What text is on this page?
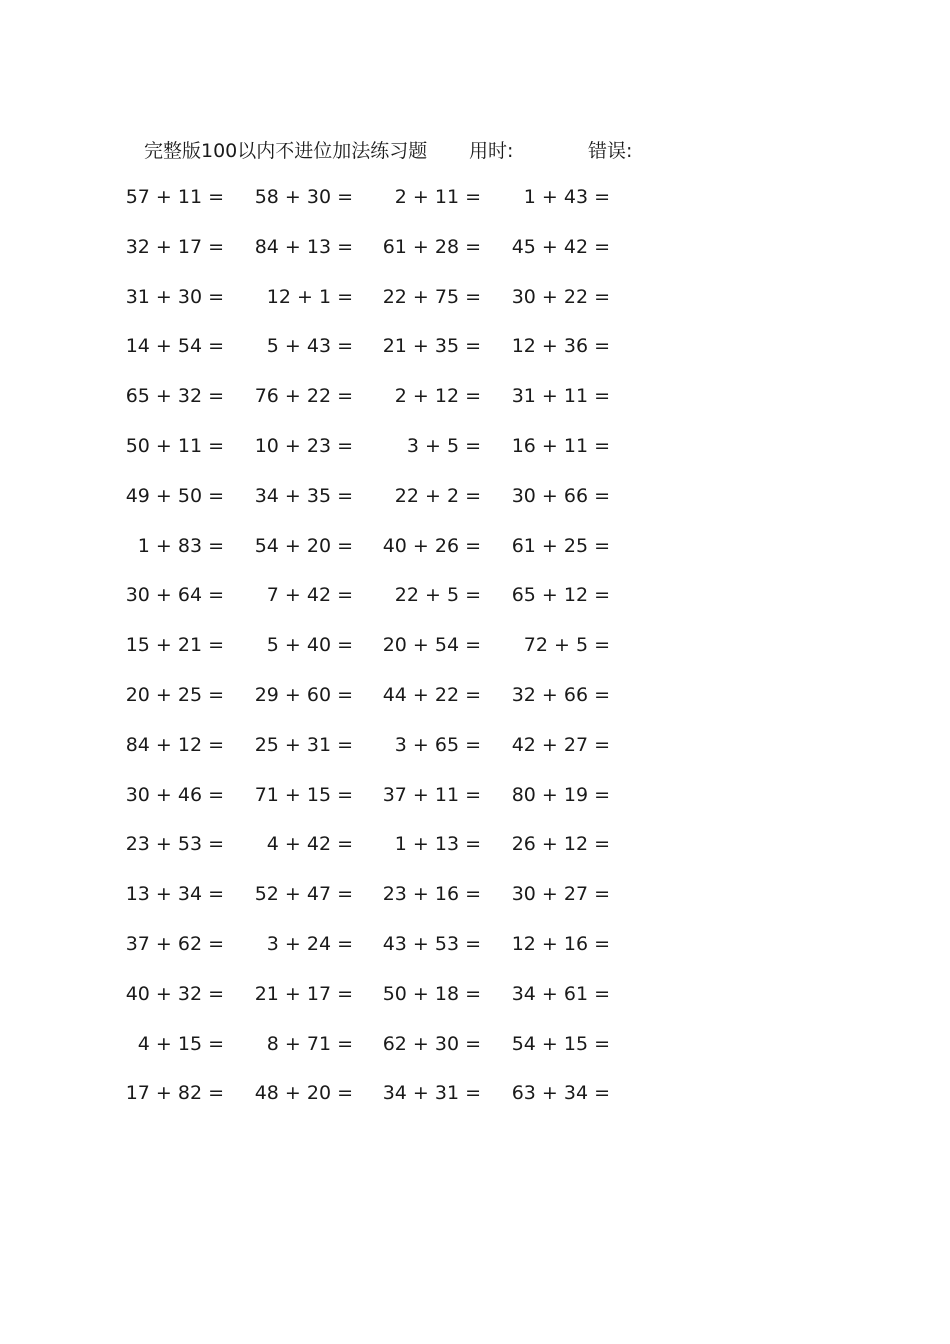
完整版100以内不进位加法练习题 用时:	错误:
57 + 11 = 58 + 30 = 2 + 11 = 1 + 43 =
32 + 17 = 84 + 13 = 61 + 28 = 45 + 42 =
31 + 30 = 12 + 1 = 22 + 75 = 30 + 22 =
14 + 54 = 5 + 43 = 21 + 35 = 12 + 36 =
65 + 32 = 76 + 22 = 2 + 12 = 31 + 11 =
50 + 11 = 10 + 23 =	3 + 5 = 16 + 11 =
49 + 50 = 34 + 35 = 22 + 2 = 30 + 66 =
1 + 83 = 54 + 20 = 40 + 26 = 61 + 25 =
30 + 64 = 7 + 42 = 22 + 5 = 65 + 12 =
15 + 21 = 5 + 40 = 20 + 54 = 72 + 5 =
20 + 25 = 29 + 60 = 44 + 22 = 32 + 66 =
84 + 12 = 25 + 31 = 3 + 65 = 42 + 27 =
30 + 46 = 71 + 15 = 37 + 11 = 80 + 19 =
23 + 53 = 4 + 42 = 1 + 13 = 26 + 12 =
13 + 34 = 52 + 47 = 23 + 16 = 30 + 27 =
37 + 62 = 3 + 24 = 43 + 53 = 12 + 16 =
40 + 32 = 21 + 17 = 50 + 18 = 34 + 61 =
4 + 15 = 8 + 71 = 62 + 30 = 54 + 15 =
17 + 82 = 48 + 20 = 34 + 31 = 63 + 34 =
